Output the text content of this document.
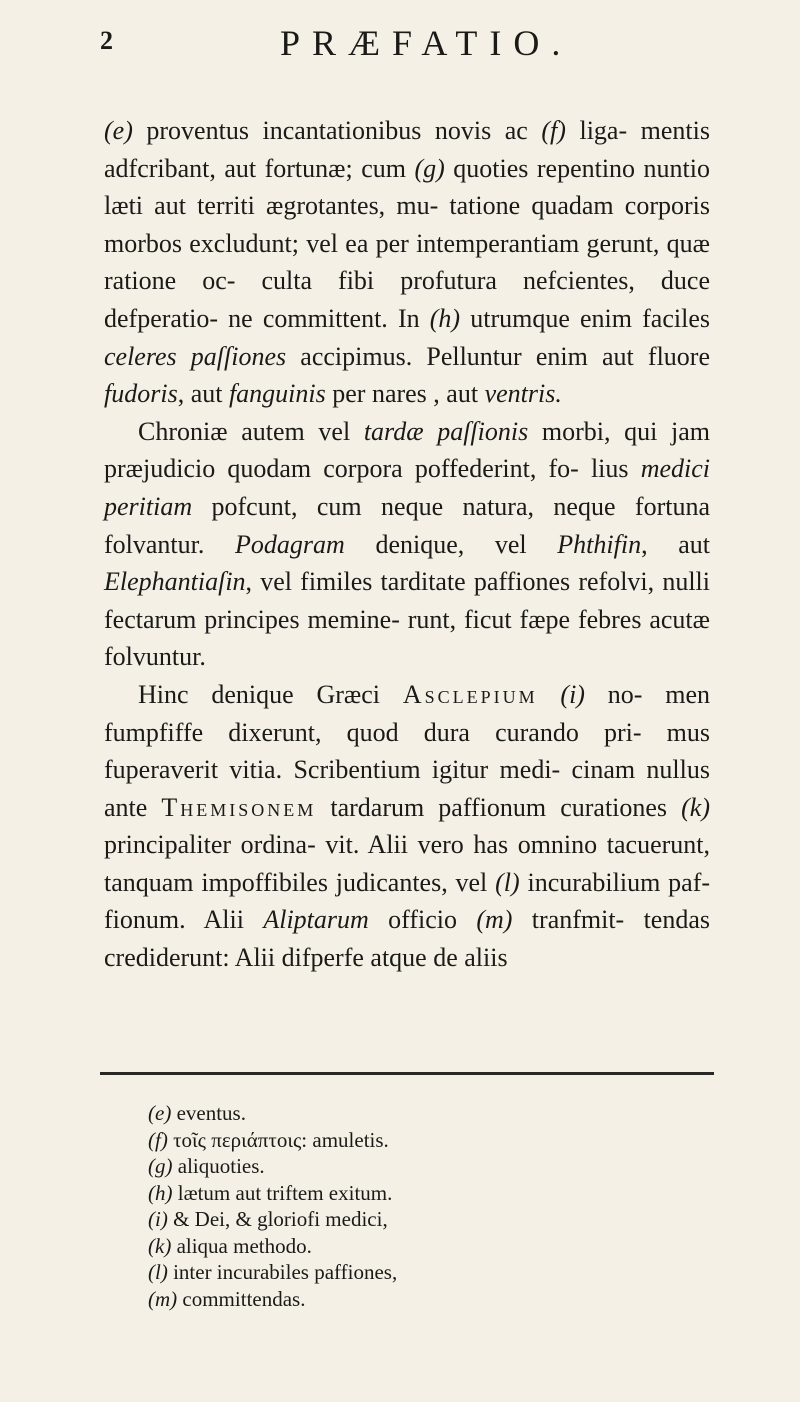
2	PRÆFATIO.

(e) proventus incantationibus novis ac (f) liga- mentis adfcribant, aut fortunæ; cum (g) quoties repentino nuntio læti aut territi ægrotantes, mu- tatione quadam corporis morbos excludunt; vel ea per intemperantiam gerunt, quæ ratione oc- culta fibi profutura nefcientes, duce defperatio- ne committent. In (h) utrumque enim faciles celeres paſſiones accipimus. Pelluntur enim aut fluore fudoris, aut fanguinis per nares , aut ventris.

Chroniæ autem vel tardæ paſſionis morbi, qui jam præjudicio quodam corpora poffederint, fo- lius medici peritiam pofcunt, cum neque natura, neque fortuna folvantur. Podagram denique, vel Phthifin, aut Elephantiaſin, vel fimiles tarditate paffiones refolvi, nulli fectarum principes memine- runt, ficut fæpe febres acutæ folvuntur.

Hinc denique Græci Asclepium (i) no- men fumpfiffe dixerunt, quod dura curando pri- mus fuperaverit vitia. Scribentium igitur medi- cinam nullus ante Themisonem tardarum paffionum curationes (k) principaliter ordina- vit. Alii vero has omnino tacuerunt, tanquam impoffibiles judicantes, vel (l) incurabilium paf- fionum. Alii Aliptarum officio (m) tranfmit- tendas crediderunt: Alii difperfe atque de aliis

(e) eventus.
(f) τοῖς περιάπτοις: amuletis.
(g) aliquoties.
(h) lætum aut triftem exitum.
(i) & Dei, & gloriofi medici,
(k) aliqua methodo.
(l) inter incurabiles paffiones,
(m) committendas.
